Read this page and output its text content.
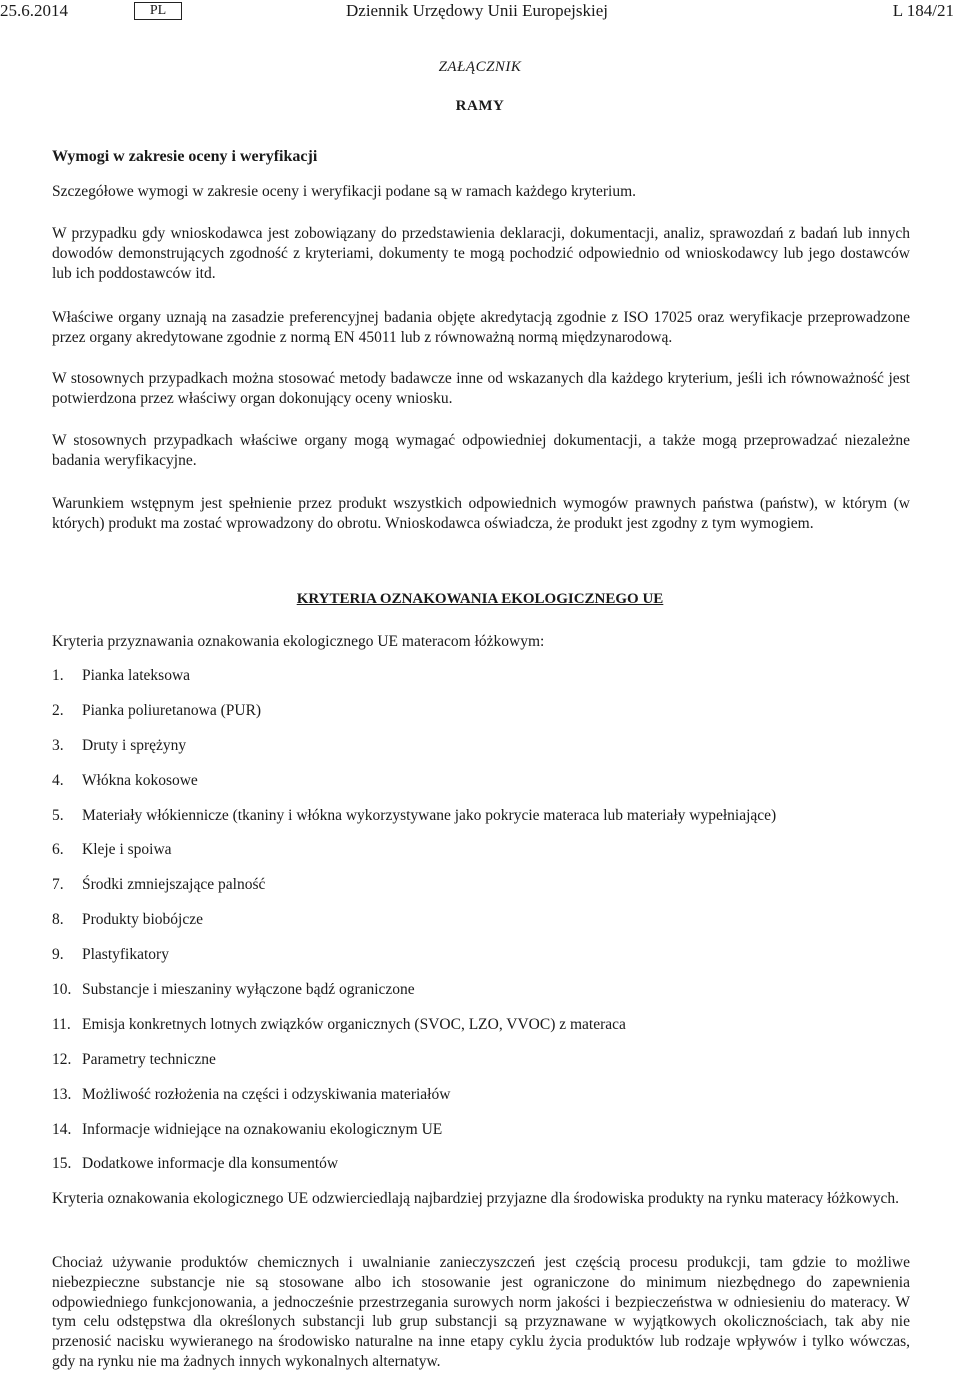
25.6.2014	PL	Dziennik Urzędowy Unii Europejskiej	L 184/21
ZAŁĄCZNIK
RAMY
Wymogi w zakresie oceny i weryfikacji
Szczegółowe wymogi w zakresie oceny i weryfikacji podane są w ramach każdego kryterium.
W przypadku gdy wnioskodawca jest zobowiązany do przedstawienia deklaracji, dokumentacji, analiz, sprawozdań z badań lub innych dowodów demonstrujących zgodność z kryteriami, dokumenty te mogą pochodzić odpowiednio od wnioskodawcy lub jego dostawców lub ich poddostawców itd.
Właściwe organy uznają na zasadzie preferencyjnej badania objęte akredytacją zgodnie z ISO 17025 oraz weryfikacje przeprowadzone przez organy akredytowane zgodnie z normą EN 45011 lub z równoważną normą międzynarodową.
W stosownych przypadkach można stosować metody badawcze inne od wskazanych dla każdego kryterium, jeśli ich równoważność jest potwierdzona przez właściwy organ dokonujący oceny wniosku.
W stosownych przypadkach właściwe organy mogą wymagać odpowiedniej dokumentacji, a także mogą przeprowadzać niezależne badania weryfikacyjne.
Warunkiem wstępnym jest spełnienie przez produkt wszystkich odpowiednich wymogów prawnych państwa (państw), w którym (w których) produkt ma zostać wprowadzony do obrotu. Wnioskodawca oświadcza, że produkt jest zgodny z tym wymogiem.
KRYTERIA OZNAKOWANIA EKOLOGICZNEGO UE
Kryteria przyznawania oznakowania ekologicznego UE materacom łóżkowym:
1. Pianka lateksowa
2. Pianka poliuretanowa (PUR)
3. Druty i sprężyny
4. Włókna kokosowe
5. Materiały włókiennicze (tkaniny i włókna wykorzystywane jako pokrycie materaca lub materiały wypełniające)
6. Kleje i spoiwa
7. Środki zmniejszające palność
8. Produkty biobójcze
9. Plastyfikatory
10. Substancje i mieszaniny wyłączone bądź ograniczone
11. Emisja konkretnych lotnych związków organicznych (SVOC, LZO, VVOC) z materaca
12. Parametry techniczne
13. Możliwość rozłożenia na części i odzyskiwania materiałów
14. Informacje widniejące na oznakowaniu ekologicznym UE
15. Dodatkowe informacje dla konsumentów
Kryteria oznakowania ekologicznego UE odzwierciedlają najbardziej przyjazne dla środowiska produkty na rynku materacy łóżkowych.
Chociaż używanie produktów chemicznych i uwalnianie zanieczyszczeń jest częścią procesu produkcji, tam gdzie to możliwe niebezpieczne substancje nie są stosowane albo ich stosowanie jest ograniczone do minimum niezbędnego do zapewnienia odpowiedniego funkcjonowania, a jednocześnie przestrzegania surowych norm jakości i bezpieczeństwa w odniesieniu do materacy. W tym celu odstępstwa dla określonych substancji lub grup substancji są przyznawane w wyjątkowych okolicznościach, tak aby nie przenosić nacisku wywieranego na środowisko naturalne na inne etapy cyklu życia produktów lub rodzaje wpływów i tylko wówczas, gdy na rynku nie ma żadnych innych wykonalnych alternatyw.
